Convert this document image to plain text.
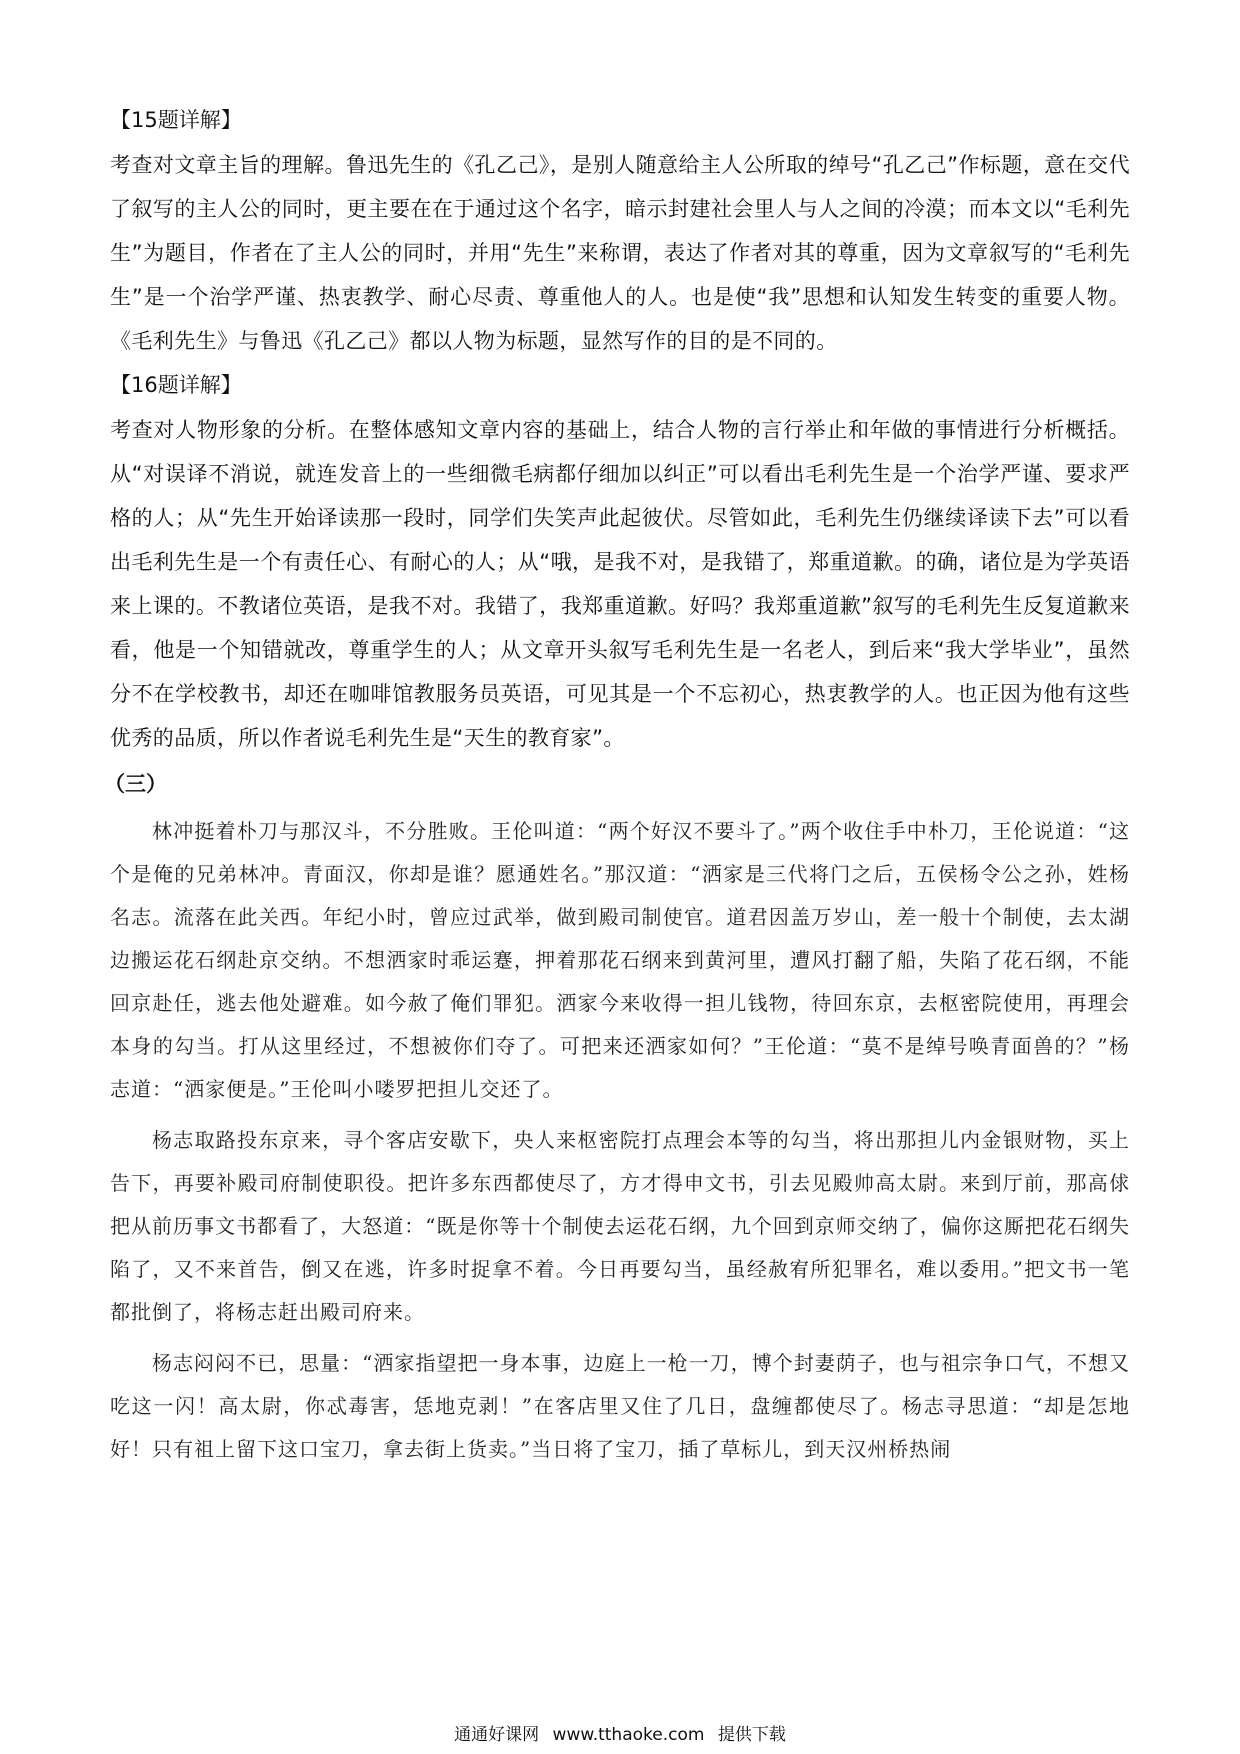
【15题详解】
考查对文章主旨的理解。鲁迅先生的《孔乙己》，是别人随意给主人公所取的绰号“孔乙己”作标题，意在交代了叙写的主人公的同时，更主要在在于通过这个名字，暗示封建社会里人与人之间的冷漠；而本文以“毛利先生”为题目，作者在了主人公的同时，并用“先生”来称谓，表达了作者对其的尊重，因为文章叙写的“毛利先生”是一个治学严谨、热衷教学、耐心尽责、尊重他人的人。也是使“我”思想和认知发生转变的重要人物。《毛利先生》与鲁迅《孔乙己》都以人物为标题，显然写作的目的是不同的。
【16题详解】
考查对人物形象的分析。在整体感知文章内容的基础上，结合人物的言行举止和年做的事情进行分析概括。从“对误译不消说，就连发音上的一些细微毛病都仔细加以纠正”可以看出毛利先生是一个治学严谨、要求严格的人；从“先生开始译读那一段时，同学们失笑声此起彼伏。尽管如此，毛利先生仍继续译读下去”可以看出毛利先生是一个有责任心、有耐心的人；从“哦，是我不对，是我错了，郑重道歉。的确，诸位是为学英语来上课的。不教诸位英语，是我不对。我错了，我郑重道歉。好吗？我郑重道歉”叙写的毛利先生反复道歉来看，他是一个知错就改，尊重学生的人；从文章开头叙写毛利先生是一名老人，到后来“我大学毕业”，虽然分不在学校教书，却还在咖啡馆教服务员英语，可见其是一个不忘初心，热衷教学的人。也正因为他有这些优秀的品质，所以作者说毛利先生是“天生的教育家”。
（三）
林冲挺着朴刀与那汉斗，不分胜败。王伦叫道：“两个好汉不要斗了。”两个收住手中朴刀，王伦说道：“这个是俺的兄弟林冲。青面汉，你却是谁？愿通姓名。”那汉道：“洒家是三代将门之后，五侯杨令公之孙，姓杨名志。流落在此关西。年纪小时，曾应过武举，做到殿司制使官。道君因盖万岁山，差一般十个制使，去太湖边搬运花石纲赴京交纳。不想洒家时乖运蹇，押着那花石纲来到黄河里，遭风打翻了船，失陷了花石纲，不能回京赴任，逃去他处避难。如今赦了俺们罪犯。洒家今来收得一担儿钱物，待回东京，去枢密院使用，再理会本身的勾当。打从这里经过，不想被你们夺了。可把来还洒家如何？”王伦道：“莫不是绰号唤青面兽的？”杨志道：“洒家便是。”王伦叫小喽罗把担儿交还了。
杨志取路投东京来，寻个客店安歇下，央人来枢密院打点理会本等的勾当，将出那担儿内金银财物，买上告下，再要补殿司府制使职役。把许多东西都使尽了，方才得申文书，引去见殿帅高太尉。来到厅前，那高俅把从前历事文书都看了，大怒道：“既是你等十个制使去运花石纲，九个回到京师交纳了，偏你这厮把花石纲失陷了，又不来首告，倒又在逃，许多时捉拿不着。今日再要勾当，虽经赦宥所犯罪名，难以委用。”把文书一笔都批倒了，将杨志赶出殿司府来。
杨志闷闷不已，思量：“洒家指望把一身本事，边庭上一枪一刀，博个封妻荫子，也与祖宗争口气，不想又吃这一闪！高太尉，你忒毒害，恁地克剥！”在客店里又住了几日，盘缠都使尽了。杨志寻思道：“却是怎地好！只有祖上留下这口宝刀，拿去街上货卖。”当日将了宝刀，插了草标儿，到天汉州桥热闹
通通好课网 www.tthaoke.com 提供下载
